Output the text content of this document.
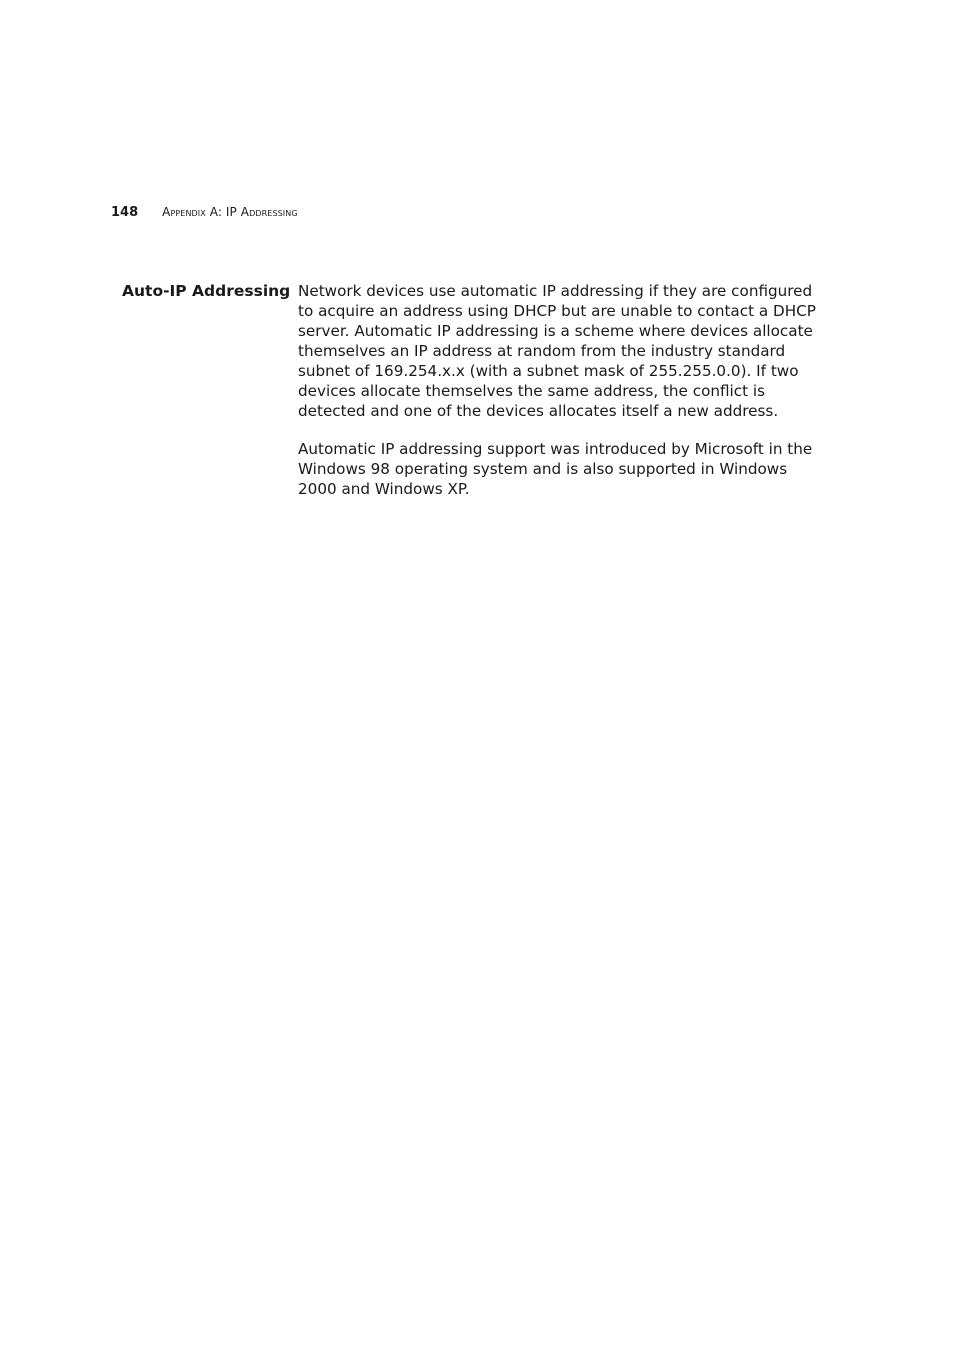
148 Appendix A: IP Addressing
Auto-IP Addressing Network devices use automatic IP addressing if they are configured to acquire an address using DHCP but are unable to contact a DHCP server. Automatic IP addressing is a scheme where devices allocate themselves an IP address at random from the industry standard subnet of 169.254.x.x (with a subnet mask of 255.255.0.0). If two devices allocate themselves the same address, the conflict is detected and one of the devices allocates itself a new address.

Automatic IP addressing support was introduced by Microsoft in the Windows 98 operating system and is also supported in Windows 2000 and Windows XP.
